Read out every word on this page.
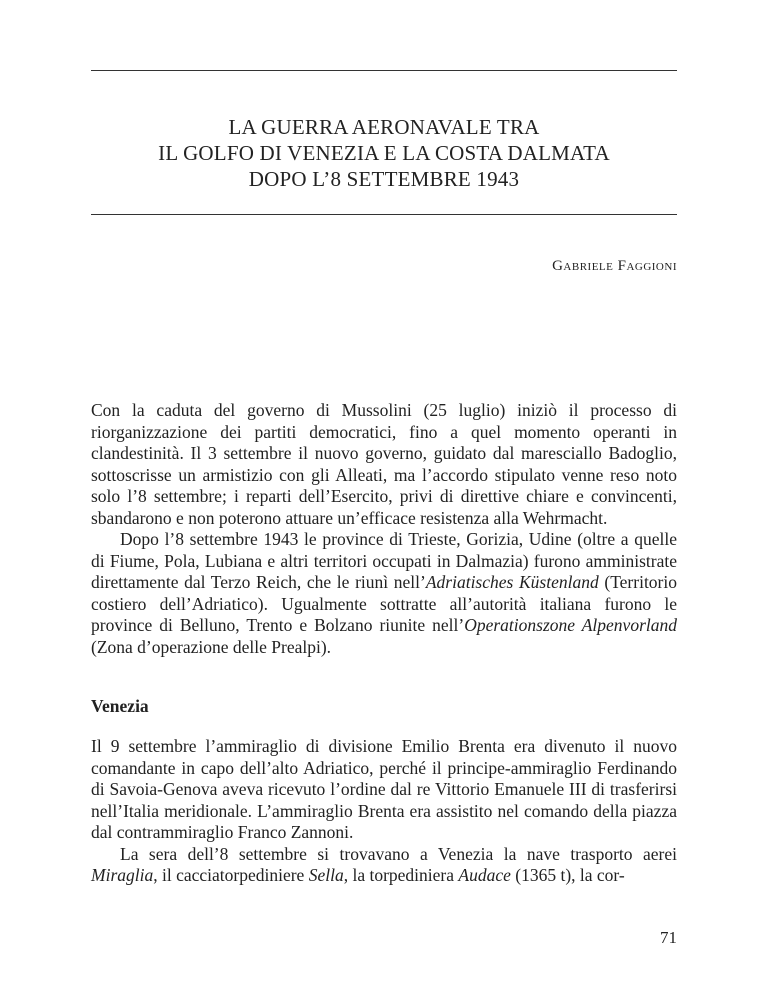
LA GUERRA AERONAVALE TRA
IL GOLFO DI VENEZIA E LA COSTA DALMATA
DOPO L’8 SETTEMBRE 1943
Gabriele Faggioni

Con la caduta del governo di Mussolini (25 luglio) iniziò il processo di riorganizzazione dei partiti democratici, fino a quel momento operanti in clandestinità. Il 3 settembre il nuovo governo, guidato dal maresciallo Badoglio, sottoscrisse un armistizio con gli Alleati, ma l’accordo stipulato venne reso noto solo l’8 settembre; i reparti dell’Esercito, privi di direttive chiare e convincenti, sbandarono e non poterono attuare un’efficace resistenza alla Wehrmacht.

Dopo l’8 settembre 1943 le province di Trieste, Gorizia, Udine (oltre a quelle di Fiume, Pola, Lubiana e altri territori occupati in Dalmazia) furono amministrate direttamente dal Terzo Reich, che le riunì nell’Adriatisches Küstenland (Territorio costiero dell’Adriatico). Ugualmente sottratte all’autorità italiana furono le province di Belluno, Trento e Bolzano riunite nell’Operationszone Alpenvorland (Zona d’operazione delle Prealpi).

Venezia

Il 9 settembre l’ammiraglio di divisione Emilio Brenta era divenuto il nuovo comandante in capo dell’alto Adriatico, perché il principe-ammiraglio Ferdinando di Savoia-Genova aveva ricevuto l’ordine dal re Vittorio Emanuele III di trasferirsi nell’Italia meridionale. L’ammiraglio Brenta era assistito nel comando della piazza dal contrammiraglio Franco Zannoni.

La sera dell’8 settembre si trovavano a Venezia la nave trasporto aerei Miraglia, il cacciatorpediniere Sella, la torpediniera Audace (1365 t), la cor-

71
